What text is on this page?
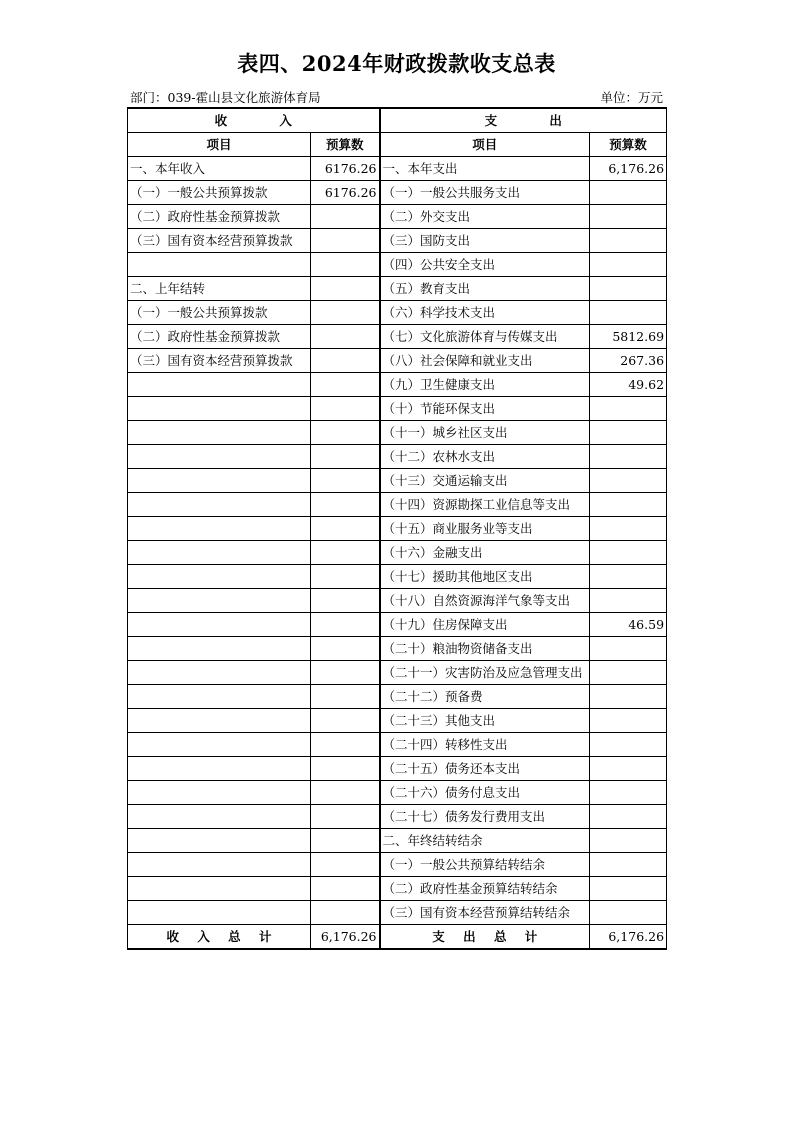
表四、2024年财政拨款收支总表
部门：039-霍山县文化旅游体育局	单位：万元
收            入		支            出	
项目	预算数	项目	预算数
一、本年收入	6176.26	一、本年支出	6,176.26
（一）一般公共预算拨款	6176.26	（一）一般公共服务支出	
（二）政府性基金预算拨款		（二）外交支出	
（三）国有资本经营预算拨款		（三）国防支出	
		（四）公共安全支出	
二、上年结转		（五）教育支出	
（一）一般公共预算拨款		（六）科学技术支出	
（二）政府性基金预算拨款		（七）文化旅游体育与传媒支出	5812.69
（三）国有资本经营预算拨款		（八）社会保障和就业支出	267.36
		（九）卫生健康支出	49.62
		（十）节能环保支出	
		（十一）城乡社区支出	
		（十二）农林水支出	
		（十三）交通运输支出	
		（十四）资源勘探工业信息等支出	
		（十五）商业服务业等支出	
		（十六）金融支出	
		（十七）援助其他地区支出	
		（十八）自然资源海洋气象等支出	
		（十九）住房保障支出	46.59
		（二十）粮油物资储备支出	
		（二十一）灾害防治及应急管理支出	
		（二十二）预备费	
		（二十三）其他支出	
		（二十四）转移性支出	
		（二十五）债务还本支出	
		（二十六）债务付息支出	
		（二十七）债务发行费用支出	
		二、年终结转结余	
		（一）一般公共预算结转结余	
		（二）政府性基金预算结转结余	
		（三）国有资本经营预算结转结余	
收 入 总 计	6,176.26	支 出 总 计	6,176.26
